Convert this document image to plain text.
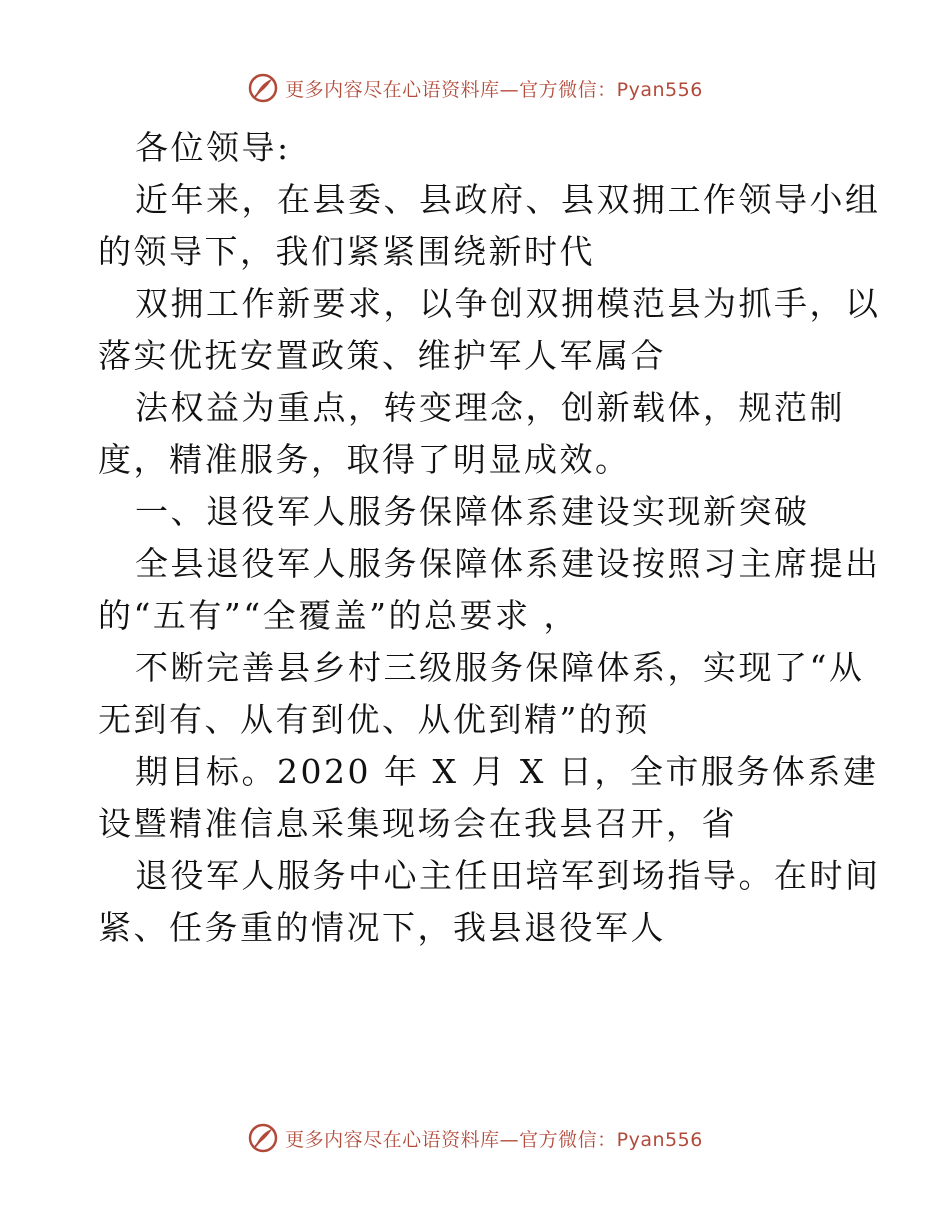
更多内容尽在心语资料库—官方微信：Pyan556
各位领导:
近年来，在县委、县政府、县双拥工作领导小组
的领导下，我们紧紧围绕新时代
双拥工作新要求，以争创双拥模范县为抓手，以
落实优抚安置政策、维护军人军属合
法权益为重点，转变理念，创新载体，规范制
度，精准服务，取得了明显成效。
一、退役军人服务保障体系建设实现新突破
全县退役军人服务保障体系建设按照习主席提出
的“五有”“全覆盖”的总要求 ，
不断完善县乡村三级服务保障体系，实现了“从
无到有、从有到优、从优到精”的预
期目标。2020 年 X 月 X 日，全市服务体系建
设暨精准信息采集现场会在我县召开，省
退役军人服务中心主任田培军到场指导。在时间
紧、任务重的情况下，我县退役军人
更多内容尽在心语资料库—官方微信：Pyan556
